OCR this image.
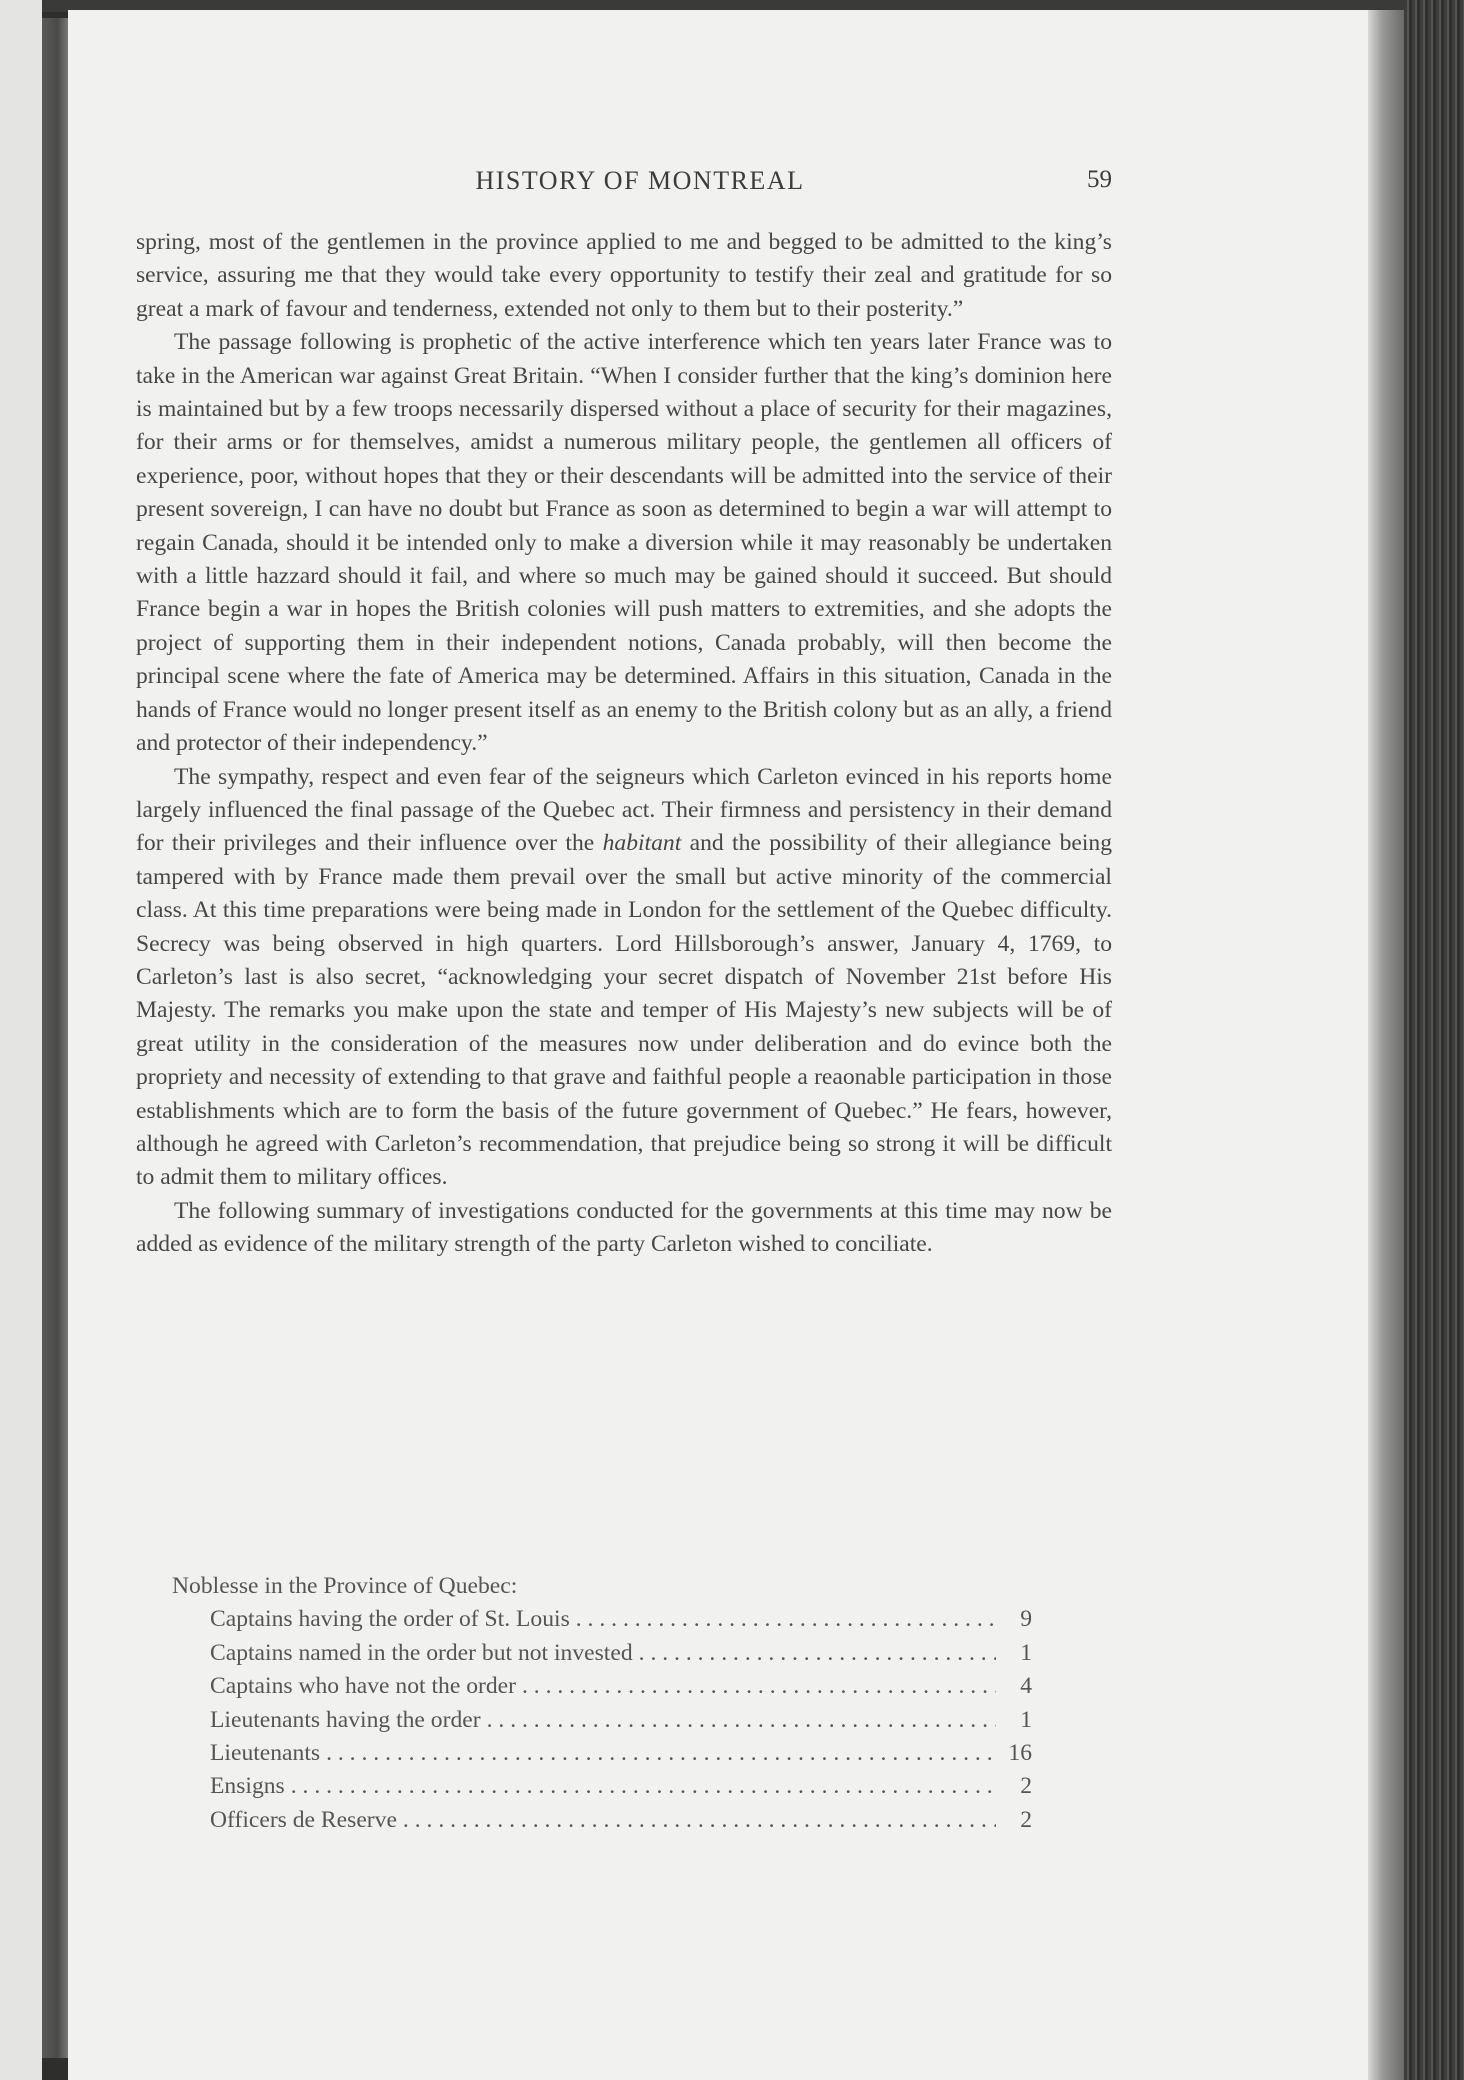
HISTORY OF MONTREAL	59

spring, most of the gentlemen in the province applied to me and begged to be admitted to the king’s service, assuring me that they would take every opportunity to testify their zeal and gratitude for so great a mark of favour and tenderness, extended not only to them but to their posterity.”

The passage following is prophetic of the active interference which ten years later France was to take in the American war against Great Britain. “When I consider further that the king’s dominion here is maintained but by a few troops necessarily dispersed without a place of security for their magazines, for their arms or for themselves, amidst a numerous military people, the gentlemen all officers of experience, poor, without hopes that they or their descendants will be admitted into the service of their present sovereign, I can have no doubt but France as soon as determined to begin a war will attempt to regain Canada, should it be intended only to make a diversion while it may reasonably be undertaken with a little hazzard should it fail, and where so much may be gained should it succeed. But should France begin a war in hopes the British colonies will push matters to extremities, and she adopts the project of supporting them in their independent notions, Canada probably, will then become the principal scene where the fate of America may be determined. Affairs in this situation, Canada in the hands of France would no longer present itself as an enemy to the British colony but as an ally, a friend and protector of their independency.”

The sympathy, respect and even fear of the seigneurs which Carleton evinced in his reports home largely influenced the final passage of the Quebec act. Their firmness and persistency in their demand for their privileges and their influence over the habitant and the possibility of their allegiance being tampered with by France made them prevail over the small but active minority of the commercial class. At this time preparations were being made in London for the settlement of the Quebec difficulty. Secrecy was being observed in high quarters. Lord Hillsborough’s answer, January 4, 1769, to Carleton’s last is also secret, “acknowledging your secret dispatch of November 21st before His Majesty. The remarks you make upon the state and temper of His Majesty’s new subjects will be of great utility in the consideration of the measures now under deliberation and do evince both the propriety and necessity of extending to that grave and faithful people a reaonable participation in those establishments which are to form the basis of the future government of Quebec.” He fears, however, although he agreed with Carleton’s recommendation, that prejudice being so strong it will be difficult to admit them to military offices.

The following summary of investigations conducted for the governments at this time may now be added as evidence of the military strength of the party Carleton wished to conciliate.

Noblesse in the Province of Quebec:

Captains having the order of St. Louis . . .	9
Captains named in the order but not invested . . .	1
Captains who have not the order . . .	4
Lieutenants having the order . . .	1
Lieutenants . . .	16
Ensigns . . .	2
Officers de Reserve . . .	2
